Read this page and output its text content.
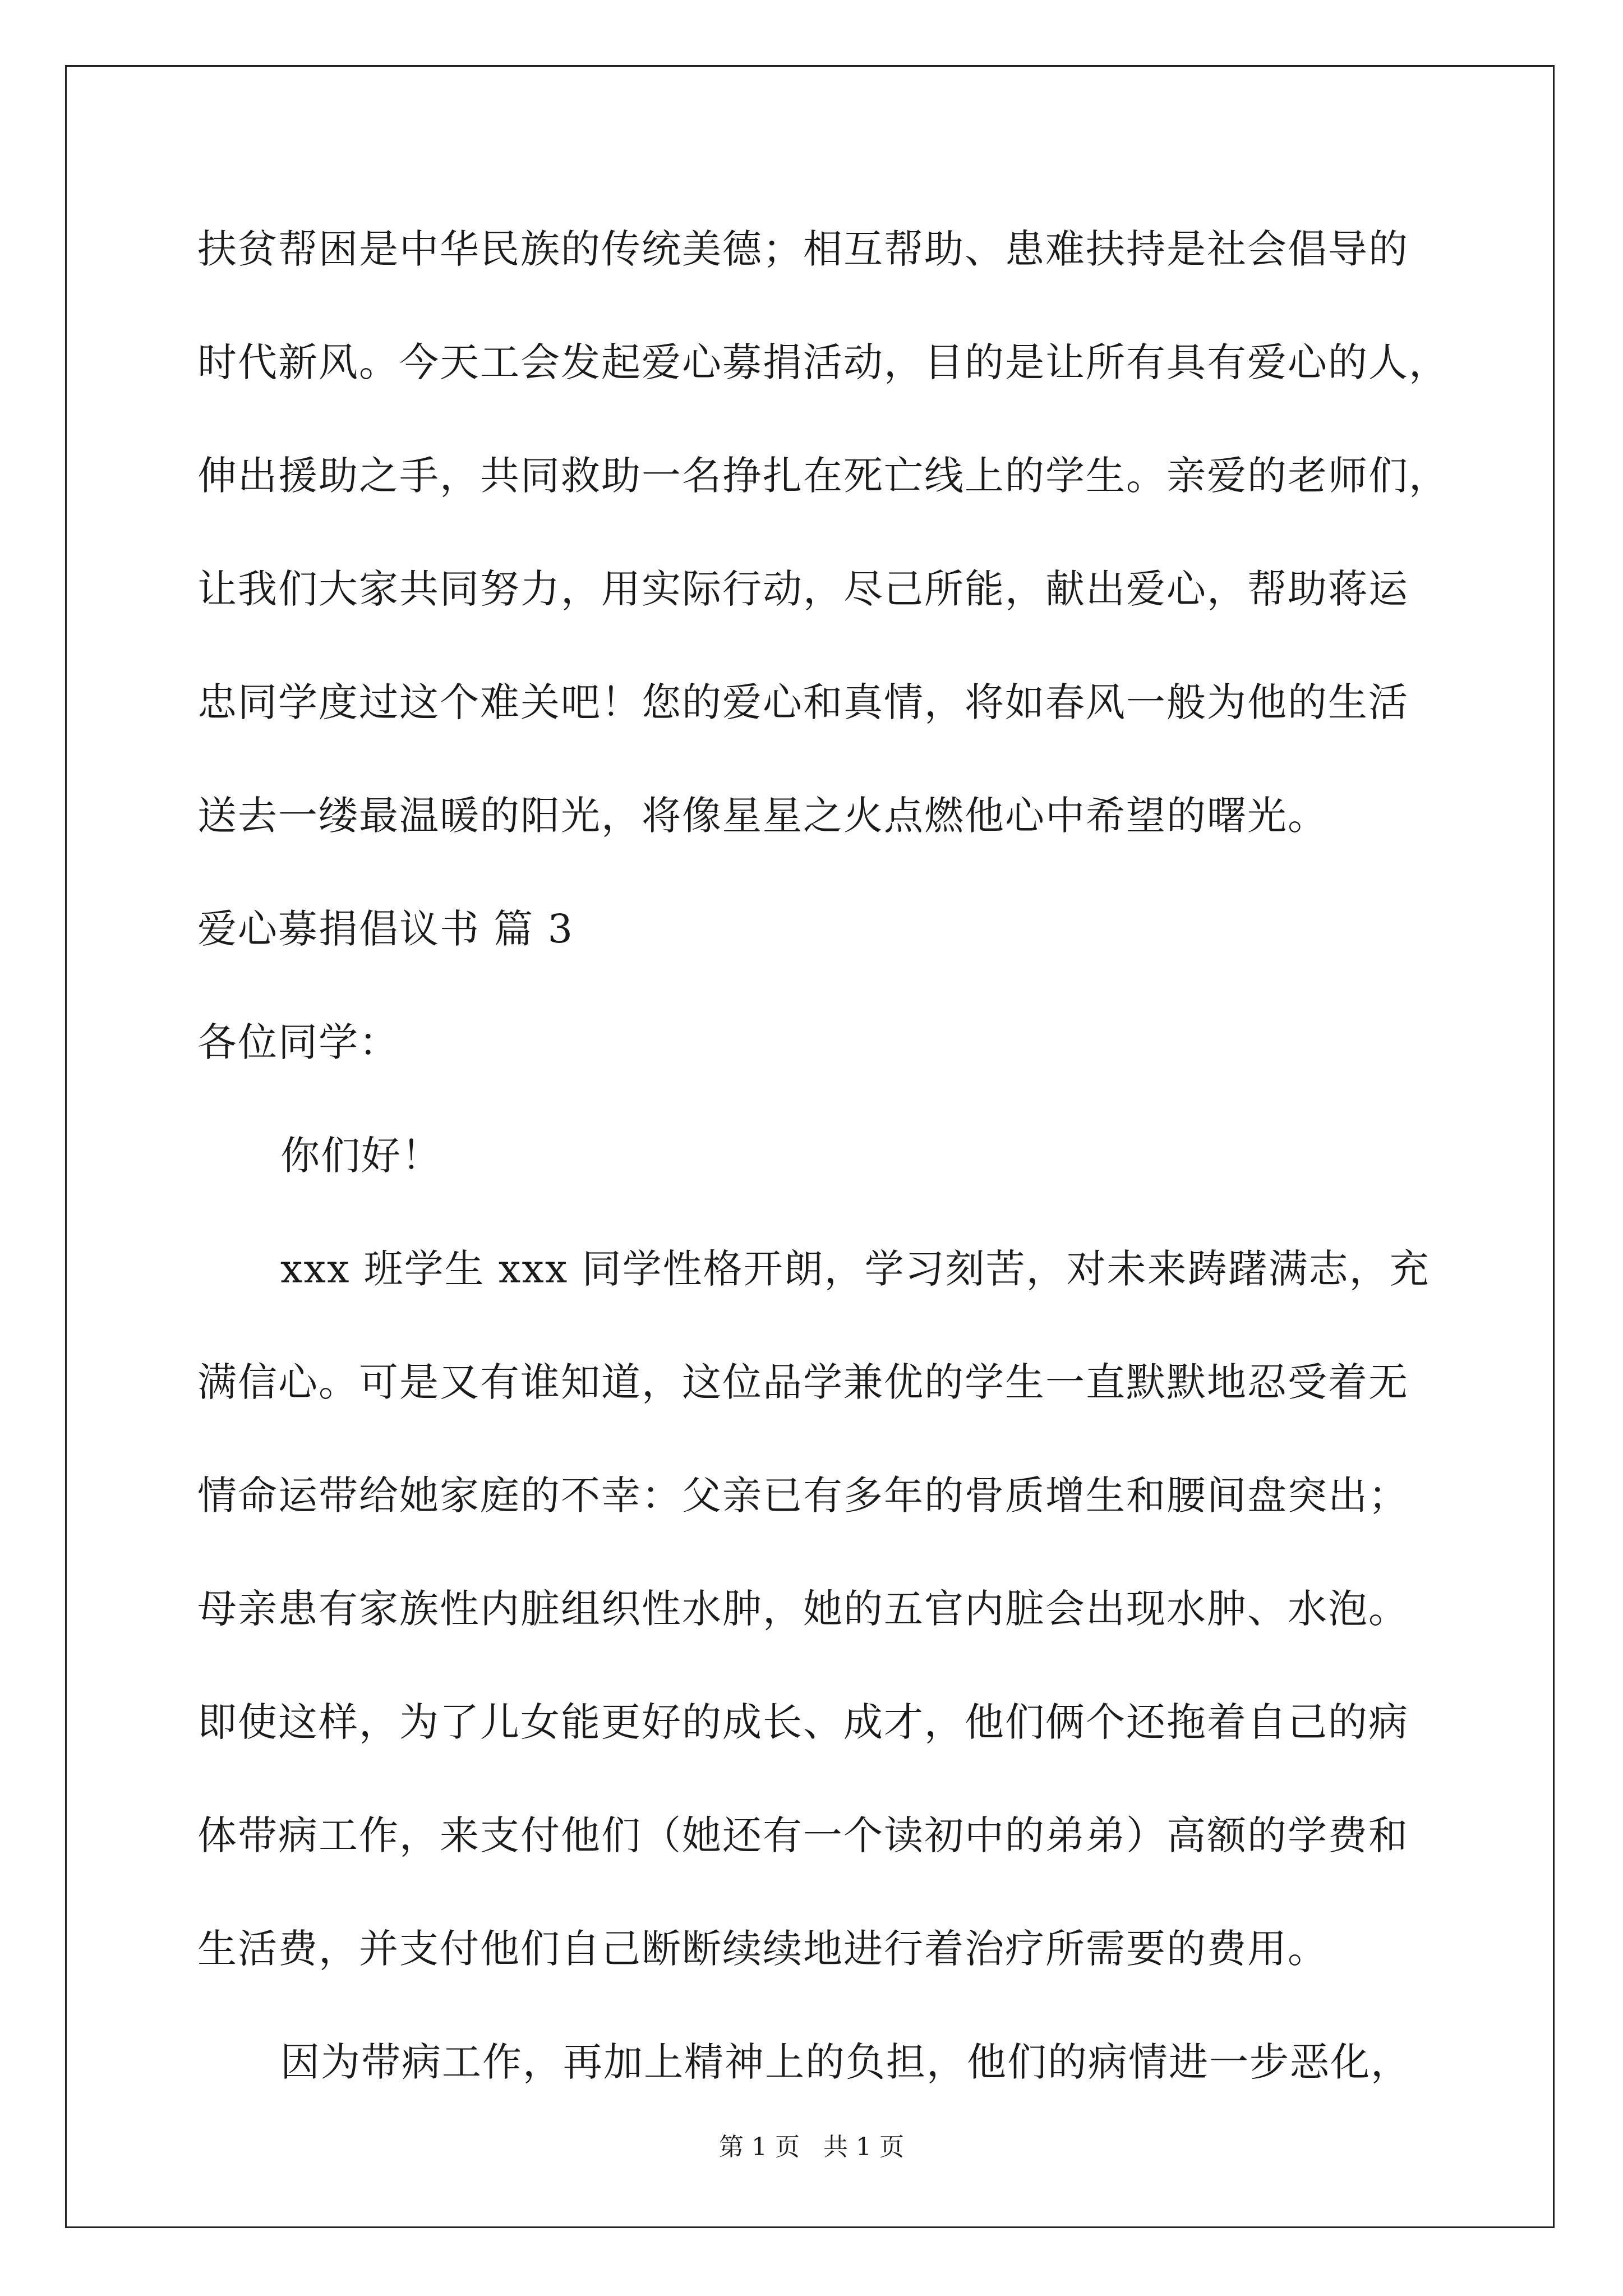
扶贫帮困是中华民族的传统美德；相互帮助、患难扶持是社会倡导的
时代新风。今天工会发起爱心募捐活动，目的是让所有具有爱心的人，
伸出援助之手，共同救助一名挣扎在死亡线上的学生。亲爱的老师们，
让我们大家共同努力，用实际行动，尽己所能，献出爱心，帮助蒋运
忠同学度过这个难关吧！您的爱心和真情，将如春风一般为他的生活
送去一缕最温暖的阳光，将像星星之火点燃他心中希望的曙光。
爱心募捐倡议书 篇 3
各位同学：
你们好！
xxx 班学生 xxx 同学性格开朗，学习刻苦，对未来踌躇满志，充
满信心。可是又有谁知道，这位品学兼优的学生一直默默地忍受着无
情命运带给她家庭的不幸：父亲已有多年的骨质增生和腰间盘突出；
母亲患有家族性内脏组织性水肿，她的五官内脏会出现水肿、水泡。
即使这样，为了儿女能更好的成长、成才，他们俩个还拖着自己的病
体带病工作，来支付他们（她还有一个读初中的弟弟）高额的学费和
生活费，并支付他们自己断断续续地进行着治疗所需要的费用。
因为带病工作，再加上精神上的负担，他们的病情进一步恶化，
第 1 页   共 1 页
